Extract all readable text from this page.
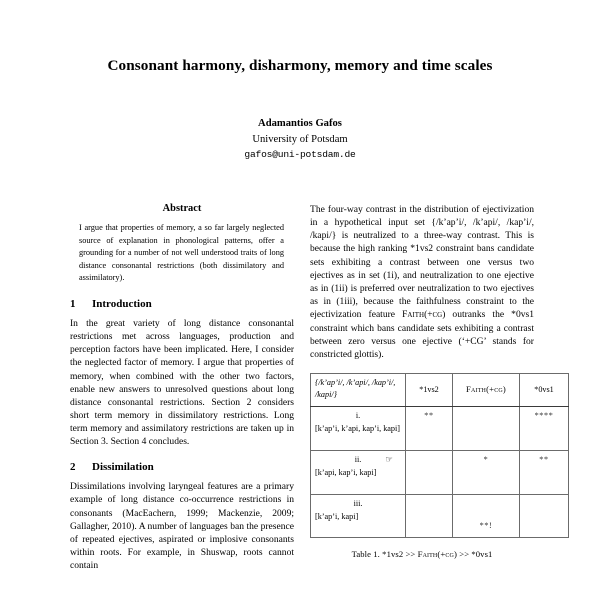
Consonant harmony, disharmony, memory and time scales
Adamantios Gafos
University of Potsdam
gafos@uni-potsdam.de
Abstract

I argue that properties of memory, a so far largely neglected source of explanation in phonological patterns, offer a grounding for a number of not well understood traits of long distance consonantal restrictions (both dissimilatory and assimilatory).

1	Introduction

In the great variety of long distance consonantal restrictions met across languages, production and perception factors have been implicated. Here, I consider the neglected factor of memory. I argue that properties of memory, when combined with the other two factors, enable new answers to unresolved questions about long distance consonantal restrictions. Section 2 considers short term memory in dissimilatory restrictions. Long term memory and assimilatory restrictions are taken up in Section 3. Section 4 concludes.

2	Dissimilation

Dissimilations involving laryngeal features are a primary example of long distance co-occurrence restrictions in consonants (MacEachern, 1999; Mackenzie, 2009; Gallagher, 2010). A number of languages ban the presence of repeated ejectives, aspirated or implosive consonants within roots. For example, in Shuswap, roots cannot contain

The four-way contrast in the distribution of ejectivization in a hypothetical input set {/k’ap’i/, /k’api/, /kap’i/, /kapi/} is neutralized to a three-way contrast. This is because the high ranking *1vs2 constraint bans candidate sets exhibiting a contrast between one versus two ejectives as in set (1i), and neutralization to one ejective as in (1ii) is preferred over neutralization to two ejectives as in (1iii), because the faithfulness constraint to the ejectivization feature Faith(+cg) outranks the *0vs1 constraint which bans candidate sets exhibiting a contrast between zero versus one ejective (‘+CG’ stands for constricted glottis).

{/k’ap’i/, /k’api/, /kap’i/, /kapi/}	*1vs2	Faith(+cg)	*0vs1

i.
[k’ap’i, k’api, kap’i, kapi]	**		****

ii. ☞
[k’api, kap’i, kapi]		*	**

iii.
[k’ap’i, kapi]		**!	
Table 1. *1vs2 >> Faith(+cg) >> *0vs1
